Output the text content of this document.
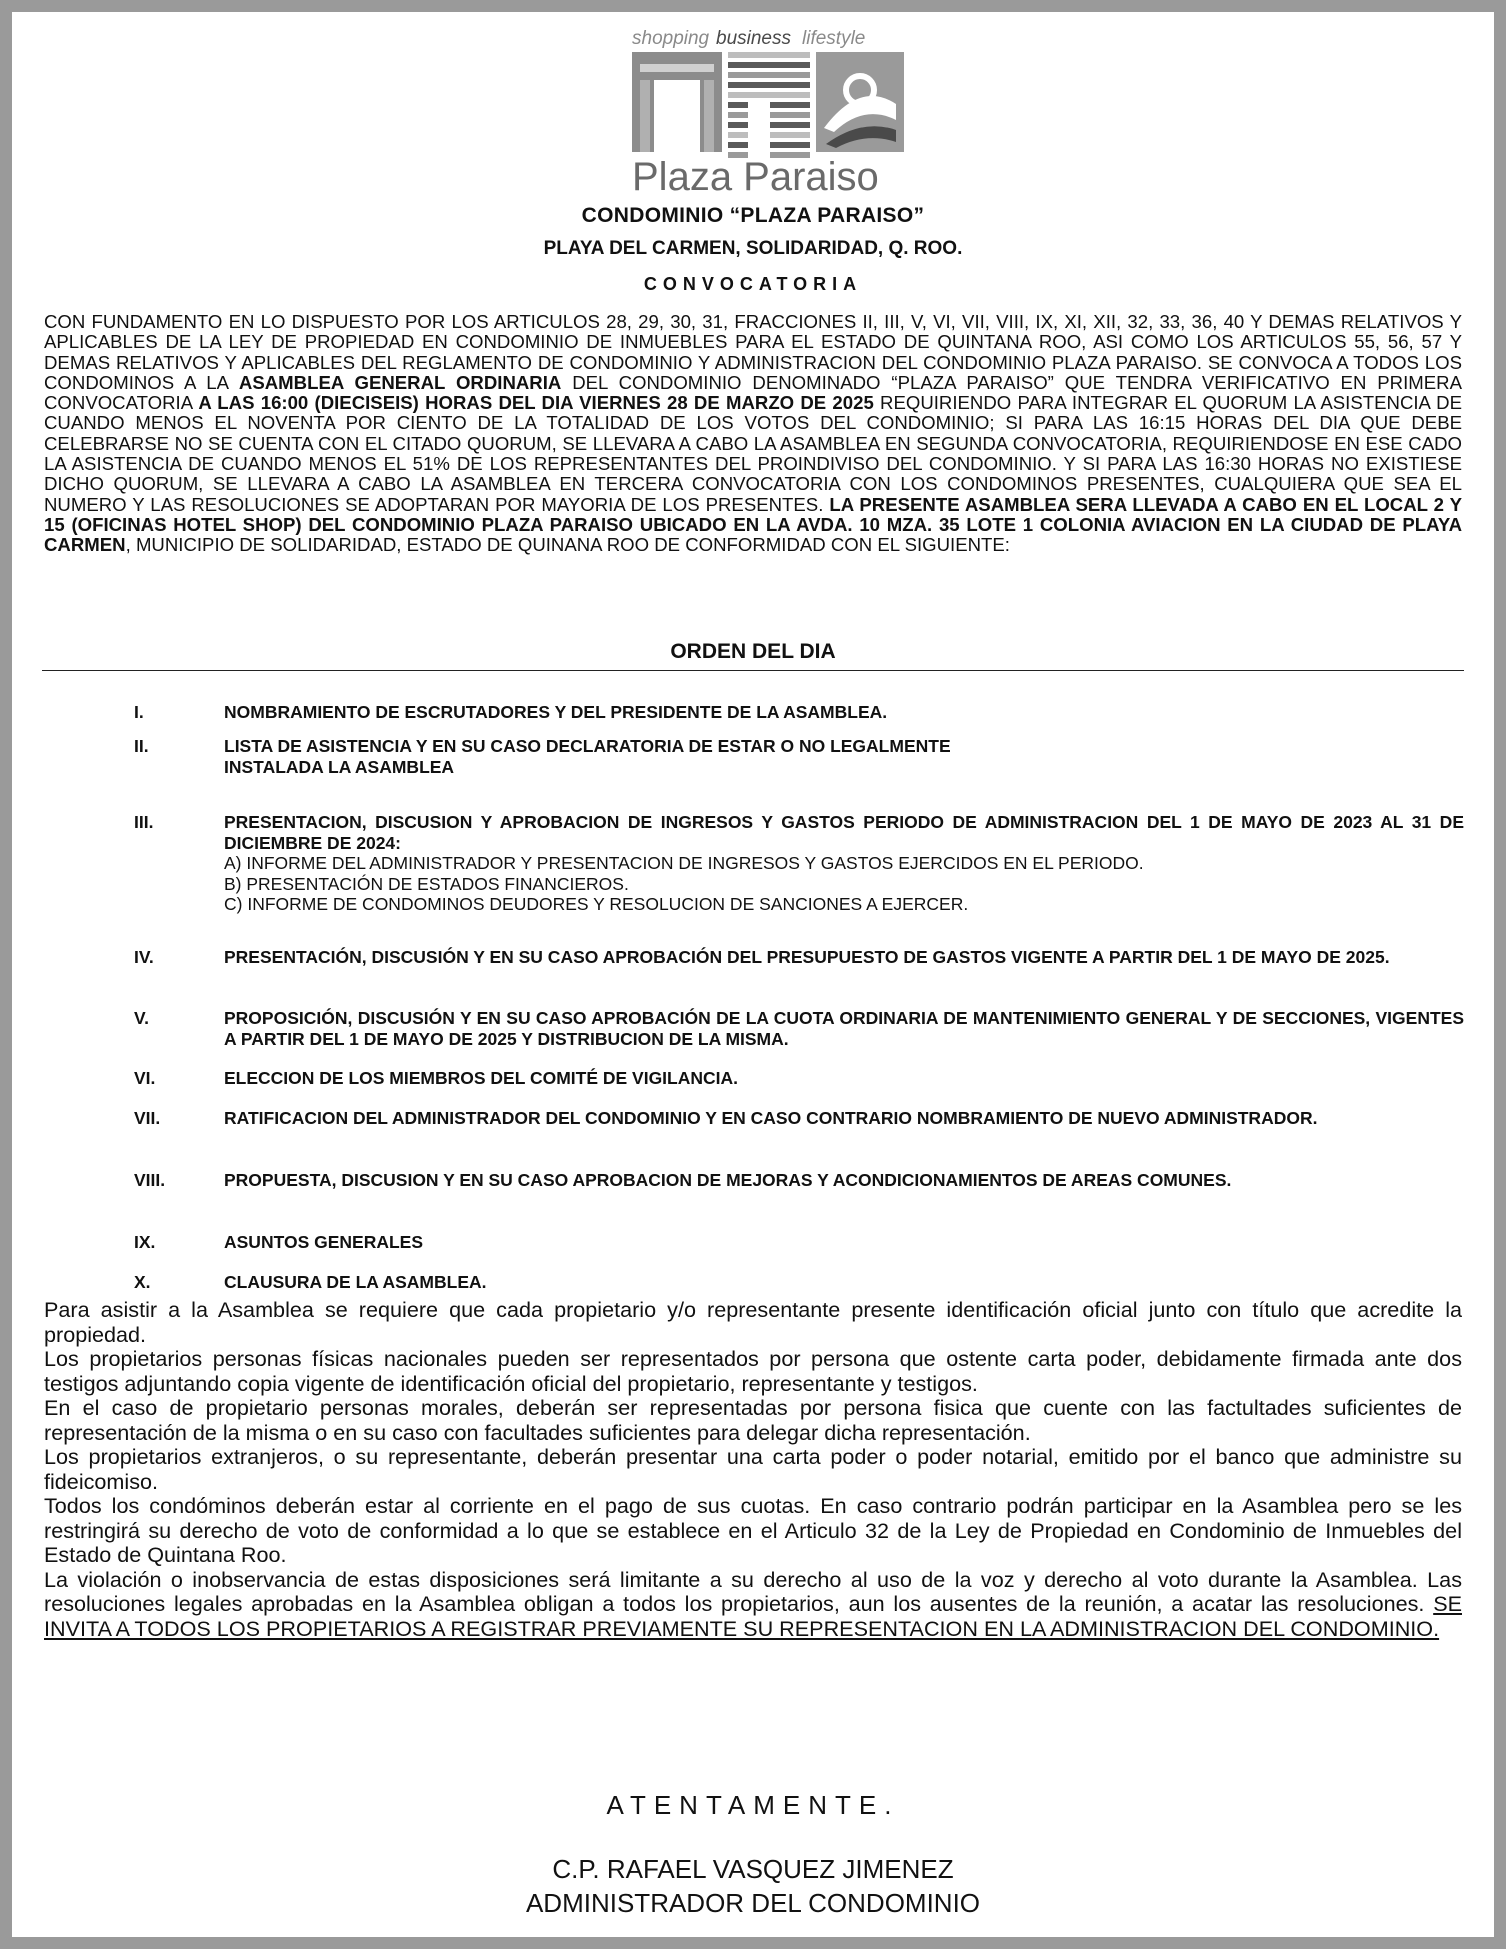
shopping business lifestyle
Plaza Paraiso
CONDOMINIO “PLAZA PARAISO”
PLAYA DEL CARMEN, SOLIDARIDAD, Q. ROO.
CONVOCATORIA
CON FUNDAMENTO EN LO DISPUESTO POR LOS ARTICULOS 28, 29, 30, 31, FRACCIONES II, III, V, VI, VII, VIII, IX, XI, XII, 32, 33, 36, 40 Y DEMAS RELATIVOS Y APLICABLES DE LA LEY DE PROPIEDAD EN CONDOMINIO DE INMUEBLES PARA EL ESTADO DE QUINTANA ROO, ASI COMO LOS ARTICULOS 55, 56, 57 Y DEMAS RELATIVOS Y APLICABLES DEL REGLAMENTO DE CONDOMINIO Y ADMINISTRACION DEL CONDOMINIO PLAZA PARAISO. SE CONVOCA A TODOS LOS CONDOMINOS A LA ASAMBLEA GENERAL ORDINARIA DEL CONDOMINIO DENOMINADO “PLAZA PARAISO” QUE TENDRA VERIFICATIVO EN PRIMERA CONVOCATORIA A LAS 16:00 (DIECISEIS) HORAS DEL DIA VIERNES 28 DE MARZO DE 2025 REQUIRIENDO PARA INTEGRAR EL QUORUM LA ASISTENCIA DE CUANDO MENOS EL NOVENTA POR CIENTO DE LA TOTALIDAD DE LOS VOTOS DEL CONDOMINIO; SI PARA LAS 16:15 HORAS DEL DIA QUE DEBE CELEBRARSE NO SE CUENTA CON EL CITADO QUORUM, SE LLEVARA A CABO LA ASAMBLEA EN SEGUNDA CONVOCATORIA, REQUIRIENDOSE EN ESE CADO LA ASISTENCIA DE CUANDO MENOS EL 51% DE LOS REPRESENTANTES DEL PROINDIVISO DEL CONDOMINIO. Y SI PARA LAS 16:30 HORAS NO EXISTIESE DICHO QUORUM, SE LLEVARA A CABO LA ASAMBLEA EN TERCERA CONVOCATORIA CON LOS CONDOMINOS PRESENTES, CUALQUIERA QUE SEA EL NUMERO Y LAS RESOLUCIONES SE ADOPTARAN POR MAYORIA DE LOS PRESENTES. LA PRESENTE ASAMBLEA SERA LLEVADA A CABO EN EL LOCAL 2 Y 15 (OFICINAS HOTEL SHOP) DEL CONDOMINIO PLAZA PARAISO UBICADO EN LA AVDA. 10 MZA. 35 LOTE 1 COLONIA AVIACION EN LA CIUDAD DE PLAYA CARMEN, MUNICIPIO DE SOLIDARIDAD, ESTADO DE QUINANA ROO DE CONFORMIDAD CON EL SIGUIENTE:
ORDEN DEL DIA
I.	NOMBRAMIENTO DE ESCRUTADORES Y DEL PRESIDENTE DE LA ASAMBLEA.
II.	LISTA DE ASISTENCIA Y EN SU CASO DECLARATORIA DE ESTAR O NO LEGALMENTE
INSTALADA LA ASAMBLEA
III.	PRESENTACION, DISCUSION Y APROBACION DE INGRESOS Y GASTOS PERIODO DE ADMINISTRACION DEL 1 DE MAYO DE 2023 AL 31 DE DICIEMBRE DE 2024:
A) INFORME DEL ADMINISTRADOR Y PRESENTACION DE INGRESOS Y GASTOS EJERCIDOS EN EL PERIODO.
B) PRESENTACIÓN DE ESTADOS FINANCIEROS.
C) INFORME DE CONDOMINOS DEUDORES Y RESOLUCION DE SANCIONES A EJERCER.
IV.	PRESENTACIÓN, DISCUSIÓN Y EN SU CASO APROBACIÓN DEL PRESUPUESTO DE GASTOS VIGENTE A PARTIR DEL 1 DE MAYO DE 2025.
V.	PROPOSICIÓN, DISCUSIÓN Y EN SU CASO APROBACIÓN DE LA CUOTA ORDINARIA DE MANTENIMIENTO GENERAL Y DE SECCIONES, VIGENTES A PARTIR DEL 1 DE MAYO DE 2025 Y DISTRIBUCION DE LA MISMA.
VI.	ELECCION DE LOS MIEMBROS DEL COMITÉ DE VIGILANCIA.
VII.	RATIFICACION DEL ADMINISTRADOR DEL CONDOMINIO Y EN CASO CONTRARIO NOMBRAMIENTO DE NUEVO ADMINISTRADOR.
VIII.	PROPUESTA, DISCUSION Y EN SU CASO APROBACION DE MEJORAS Y ACONDICIONAMIENTOS DE AREAS COMUNES.
IX.	ASUNTOS GENERALES
X.	CLAUSURA DE LA ASAMBLEA.

Para asistir a la Asamblea se requiere que cada propietario y/o representante presente identificación oficial junto con título que acredite la propiedad.

Los propietarios personas físicas nacionales pueden ser representados por persona que ostente carta poder, debidamente firmada ante dos testigos adjuntando copia vigente de identificación oficial del propietario, representante y testigos.

En el caso de propietario personas morales, deberán ser representadas por persona fisica que cuente con las factultades suficientes de representación de la misma o en su caso con facultades suficientes para delegar dicha representación.

Los propietarios extranjeros, o su representante, deberán presentar una carta poder o poder notarial, emitido por el banco que administre su fideicomiso.

Todos los condóminos deberán estar al corriente en el pago de sus cuotas. En caso contrario podrán participar en la Asamblea pero se les restringirá su derecho de voto de conformidad a lo que se establece en el Articulo 32 de la Ley de Propiedad en Condominio de Inmuebles del Estado de Quintana Roo.

La violación o inobservancia de estas disposiciones será limitante a su derecho al uso de la voz y derecho al voto durante la Asamblea. Las resoluciones legales aprobadas en la Asamblea obligan a todos los propietarios, aun los ausentes de la reunión, a acatar las resoluciones. SE INVITA A TODOS LOS PROPIETARIOS A REGISTRAR PREVIAMENTE SU REPRESENTACION EN LA ADMINISTRACION DEL CONDOMINIO.

ATENTAMENTE.
C.P. RAFAEL VASQUEZ JIMENEZ
ADMINISTRADOR DEL CONDOMINIO
